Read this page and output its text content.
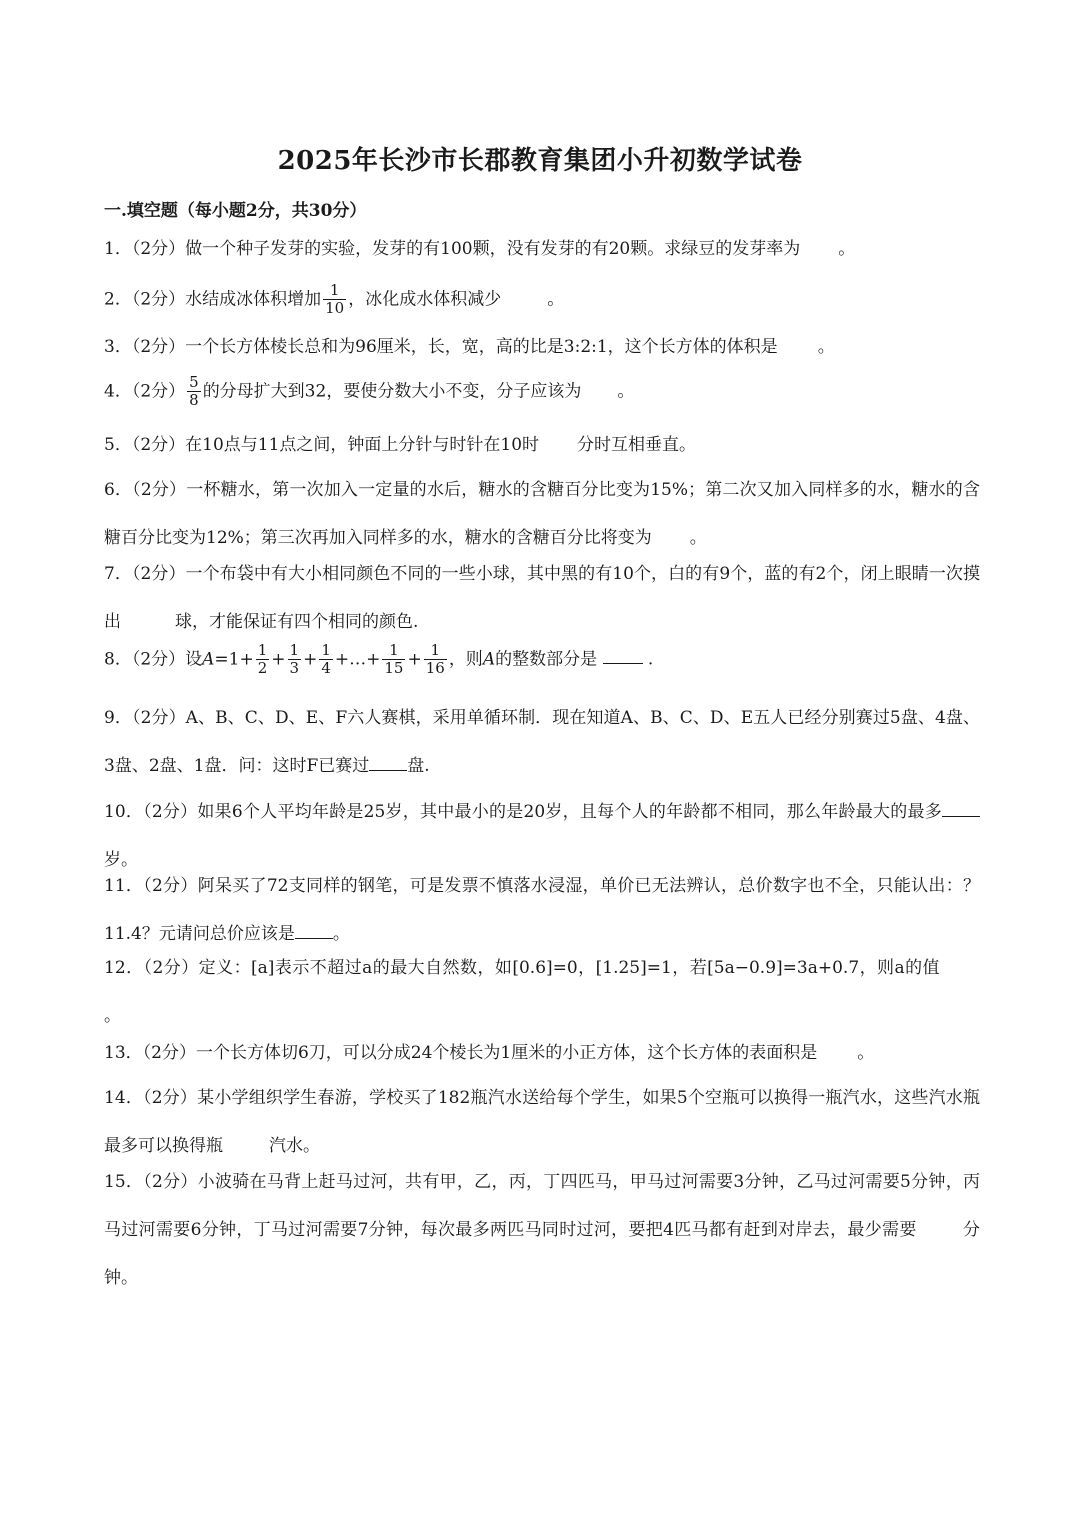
2025年长沙市长郡教育集团小升初数学试卷
一.填空题（每小题2分，共30分）
1．（2分）做一个种子发芽的实验，发芽的有100颗，没有发芽的有20颗。求绿豆的发芽率为 。
2．（2分）水结成冰体积增加 $\frac{1}{10}$ ，冰化成水体积减少	。
3．（2分）一个长方体棱长总和为96厘米，长，宽，高的比是3:2:1，这个长方体的体积是 。
4．（2分） $\frac{5}{8}$ 的分母扩大到32，要使分数大小不变，分子应该为 。
5．（2分）在10点与11点之间，钟面上分针与时针在10时 分时互相垂直。
6．（2分）一杯糖水，第一次加入一定量的水后，糖水的含糖百分比变为15%；第二次又加入同样多的水，糖水的含糖百分比变为12%；第三次再加入同样多的水，糖水的含糖百分比将变为 。
7．（2分）一个布袋中有大小相同颜色不同的一些小球，其中黑的有10个，白的有9个，蓝的有2个，闭上眼睛一次摸出	球，才能保证有四个相同的颜色.
8．（2分）设$A=1+ \frac{1}{2} + \frac{1}{3} + \frac{1}{4}$ +…+ $\frac{1}{15} + \frac{1}{16}$ ，则A的整数部分是	.
9．（2分）A、B、C、D、E、F六人赛棋，采用单循环制．现在知道A、B、C、D、E五人已经分别赛过5盘、4盘、3盘、2盘、1盘．问：这时F已赛过 盘.
10．（2分）如果6个人平均年龄是25岁，其中最小的是20岁，且每个人的年龄都不相同，那么年龄最大的最多岁。
11．（2分）阿呆买了72支同样的钢笔，可是发票不慎落水浸湿，单价已无法辨认，总价数字也不全，只能认出：？11.4？元请问总价应该是 。
12．（2分）定义：[a]表示不超过a的最大自然数，如[0.6]=0，[1.25]=1，若[5a−0.9]=3a+0.7，则a的值。
13．（2分）一个长方体切6刀，可以分成24个棱长为1厘米的小正方体，这个长方体的表面积是 。
14．（2分）某小学组织学生春游，学校买了182瓶汽水送给每个学生，如果5个空瓶可以换得一瓶汽水，这些汽水瓶最多可以换得瓶	汽水。
15．（2分）小波骑在马背上赶马过河，共有甲，乙，丙，丁四匹马，甲马过河需要3分钟，乙马过河需要5分钟，丙马过河需要6分钟，丁马过河需要7分钟，每次最多两匹马同时过河，要把4匹马都有赶到对岸去，最少需要	分钟。
